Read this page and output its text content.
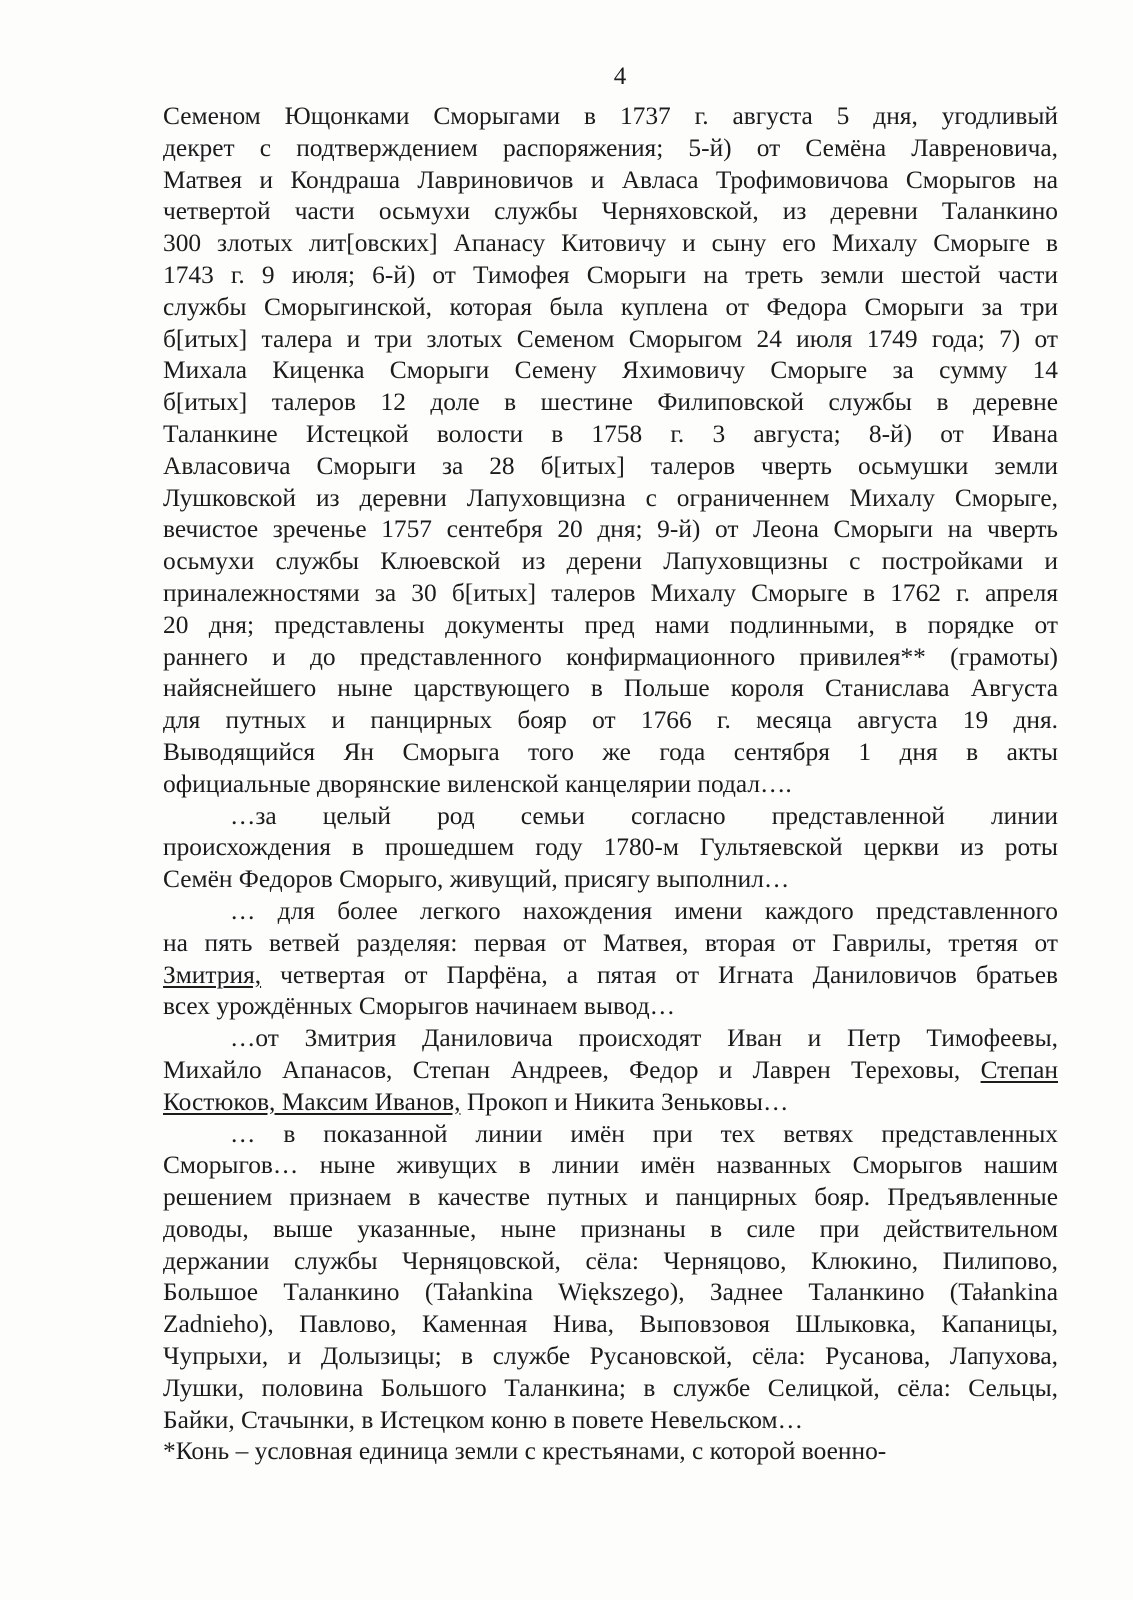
4

Семеном Ющонками Сморыгами в 1737 г. августа 5 дня, угодливый

декрет с подтверждением распоряжения; 5-й) от Семёна Лавреновича,

Матвея и Кондраша Лавриновичов и Авласа Трофимовичова Сморыгов на

четвертой части осьмухи службы Черняховской, из деревни Таланкино

300 злотых лит[овских] Апанасу Китовичу и сыну его Михалу Сморыге в

1743 г. 9 июля; 6-й) от Тимофея Сморыги на треть земли шестой части

службы Сморыгинской, которая была куплена от Федора Сморыги за три

б[итых] талера и три злотых Семеном Сморыгом 24 июля 1749 года; 7) от

Михала Киценка Сморыги Семену Яхимовичу Сморыге за сумму 14

б[итых] талеров 12 доле в шестине Филиповской службы в деревне

Таланкине Истецкой волости в 1758 г. 3 августа; 8-й) от Ивана

Авласовича Сморыги за 28 б[итых] талеров чверть осьмушки земли

Лушковской из деревни Лапуховщизна с ограниченнем Михалу Сморыге,

вечистое зреченье 1757 сентебря 20 дня; 9-й) от Леона Сморыги на чверть

осьмухи службы Клюевской из дерени Лапуховщизны с постройками и

приналежностями за 30 б[итых] талеров Михалу Сморыге в 1762 г. апреля

20 дня; представлены документы пред нами подлинными, в порядке от

раннего и до представленного конфирмационного привилея** (грамоты)

найяснейшего ныне царствующего в Польше короля Станислава Августа

для путных и панцирных бояр от 1766 г. месяца августа 19 дня.

Выводящийся Ян Сморыга того же года сентября 1 дня в акты

официальные дворянские виленской канцелярии подал….

…за целый род семьи согласно представленной линии

происхождения в прошедшем году 1780-м Гультяевской церкви из роты

Семён Федоров Сморыго, живущий, присягу выполнил…

… для более легкого нахождения имени каждого представленного

на пять ветвей разделяя: первая от Матвея, вторая от Гаврилы, третяя от

Змитрия, четвертая от Парфёна, а пятая от Игната Даниловичов братьев

всех урождённых Сморыгов начинаем вывод…

…от Змитрия Даниловича происходят Иван и Петр Тимофеевы,

Михайло Апанасов, Степан Андреев, Федор и Лаврен Тереховы, Степан

Костюков, Максим Иванов, Прокоп и Никита Зеньковы…

… в показанной линии имён при тех ветвях представленных

Сморыгов… ныне живущих в линии имён названных Сморыгов нашим

решением признаем в качестве путных и панцирных бояр. Предъявленные

доводы, выше указанные, ныне признаны в силе при действительном

держании службы Черняцовской, сёла: Черняцово, Клюкино, Пилипово,

Большое Таланкино (Tałankina Większego), Заднее Таланкино (Tałankina

Zadnieho), Павлово, Каменная Нива, Выповзовоя Шлыковка, Капаницы,

Чупрыхи, и Долызицы; в службе Русановской, сёла: Русанова, Лапухова,

Лушки, половина Большого Таланкина; в службе Селицкой, сёла: Сельцы,

Байки, Стачынки, в Истецком коню в повете Невельском…

*Конь – условная единица земли с крестьянами, с которой военно-
